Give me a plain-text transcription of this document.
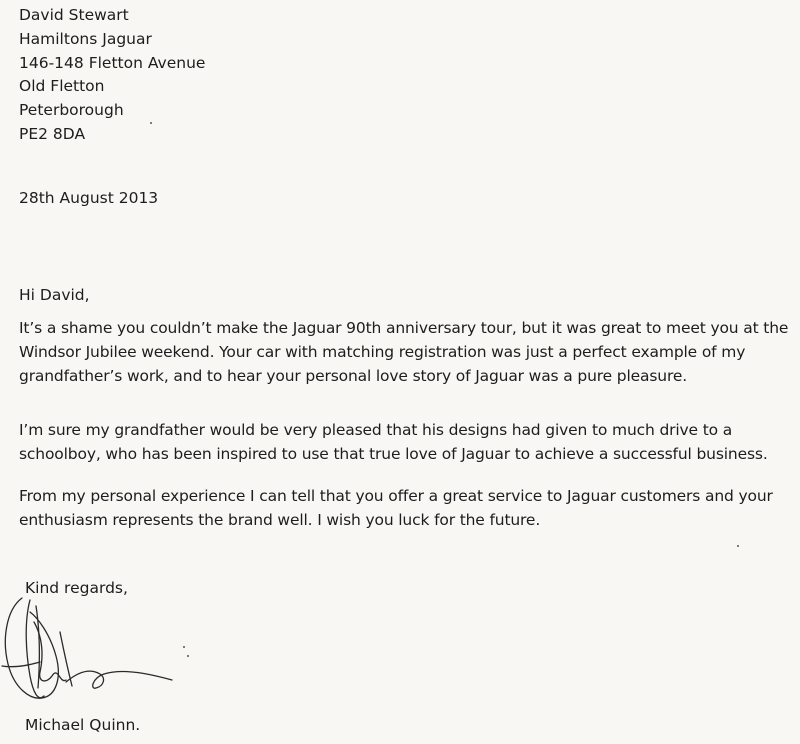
David Stewart
Hamiltons Jaguar
146-148 Fletton Avenue
Old Fletton
Peterborough
PE2 8DA
28th August 2013
Hi David,

It’s a shame you couldn’t make the Jaguar 90th anniversary tour, but it was great to meet you at the
Windsor Jubilee weekend. Your car with matching registration was just a perfect example of my
grandfather’s work, and to hear your personal love story of Jaguar was a pure pleasure.

I’m sure my grandfather would be very pleased that his designs had given to much drive to a
schoolboy, who has been inspired to use that true love of Jaguar to achieve a successful business.

From my personal experience I can tell that you offer a great service to Jaguar customers and your
enthusiasm represents the brand well. I wish you luck for the future.

Kind regards,
Michael Quinn.
